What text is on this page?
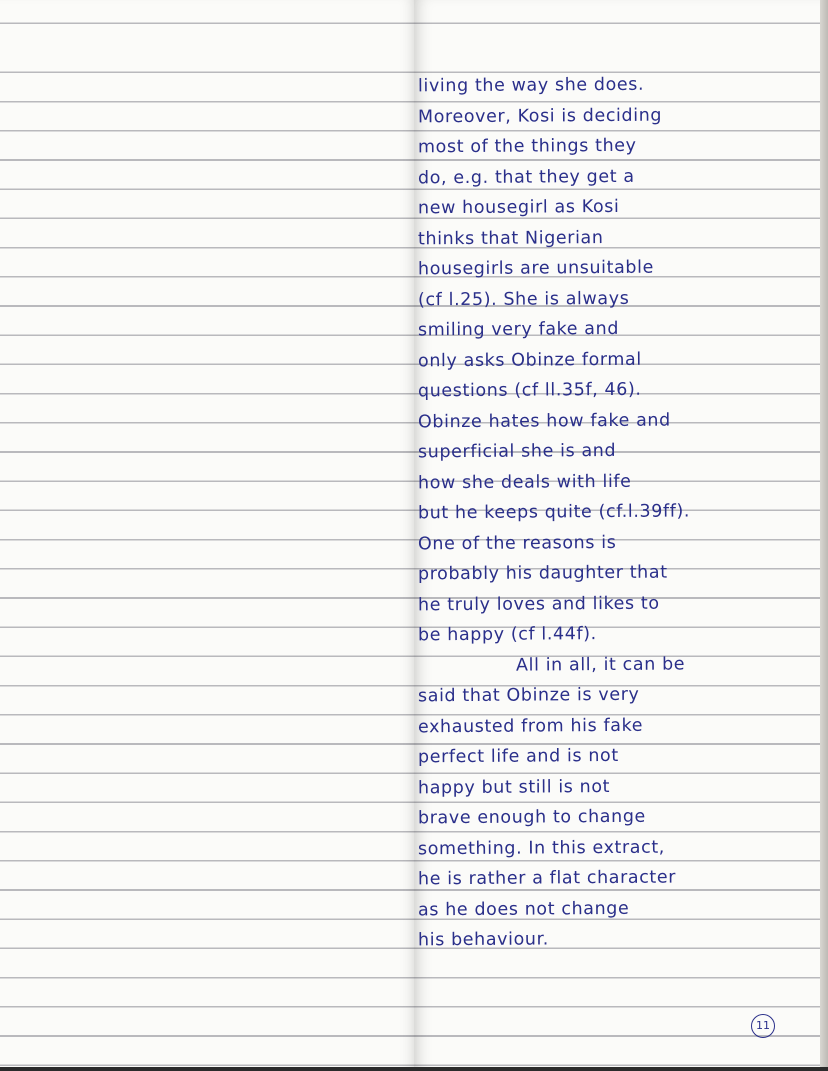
living the way she does.
Moreover, Kosi is deciding
most of the things they
do, e.g. that they get a
new housegirl as Kosi
thinks that Nigerian
housegirls are unsuitable
(cf l.25). She is always
smiling very fake and
only asks Obinze formal
questions (cf ll.35f, 46).
Obinze hates how fake and
superficial she is and
how she deals with life
but he keeps quite (cf.l.39ff).
One of the reasons is
probably his daughter that
he truly loves and likes to
be happy (cf l.44f).
All in all, it can be
said that Obinze is very
exhausted from his fake
perfect life and is not
happy but still is not
brave enough to change
something. In this extract,
he is rather a flat character
as he does not change
his behaviour.
11
